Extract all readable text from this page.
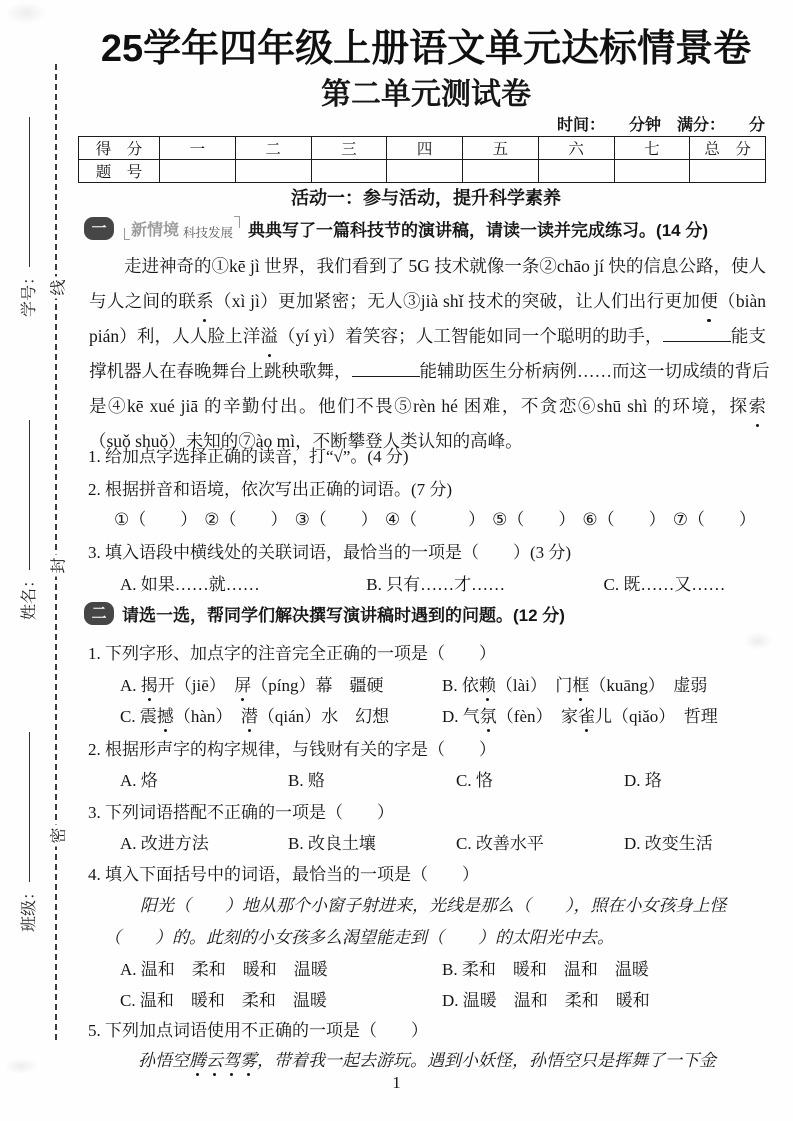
线
封
密
学号：
姓名：
班级：
25学年四年级上册语文单元达标情景卷
第二单元测试卷
时间：　　分钟　满分：　　分
得　分	一	二	三	四	五	六	七	总　分
题　号								
活动一：参与活动，提升科学素养
一	新情境 科技发展 典典写了一篇科技节的演讲稿，请读一读并完成练习。(14 分)
走进神奇的①kē jì 世界，我们看到了 5G 技术就像一条②chāo jí 快的信息公路，使人
与人之间的联系（xì jì）更加紧密；无人③jià shǐ 技术的突破，让人们出行更加便（biàn
pián）利，人人脸上洋溢（yí yì）着笑容；人工智能如同一个聪明的助手，	能支
撑机器人在春晚舞台上跳秧歌舞，	能辅助医生分析病例……而这一切成绩的背后
是④kē xué jiā 的辛勤付出。他们不畏⑤rèn hé 困难，不贪恋⑥shū shì 的环境，探索
（suǒ shuǒ）未知的⑦ào mì，不断攀登人类认知的高峰。
1. 给加点字选择正确的读音，打“√”。(4 分)
2. 根据拼音和语境，依次写出正确的词语。(7 分)
①（　　） ②（　　） ③（　　） ④（　　　） ⑤（　　） ⑥（　　） ⑦（　　）
3. 填入语段中横线处的关联词语，最恰当的一项是（　　）(3 分)
A. 如果……就……	B. 只有……才……	C. 既……又……
二 请选一选，帮同学们解决撰写演讲稿时遇到的问题。(12 分)
1. 下列字形、加点字的注音完全正确的一项是（　　）
A. 揭开（jiē）　屏（píng）幕　疆硬	B. 依赖（lài）　门框（kuāng）　虚弱
C. 震撼（hàn）　潜（qián）水　幻想	D. 气氛（fèn）　家雀儿（qiǎo）　哲理
2. 根据形声字的构字规律，与钱财有关的字是（　　）
A. 烙	B. 赂	C. 恪	D. 珞
3. 下列词语搭配不正确的一项是（　　）
A. 改进方法	B. 改良土壤	C. 改善水平	D. 改变生活
4. 填入下面括号中的词语，最恰当的一项是（　　）
阳光（　　）地从那个小窗子射进来，光线是那么（　　），照在小女孩身上怪
（　　）的。此刻的小女孩多么渴望能走到（　　）的太阳光中去。
A. 温和　柔和　暖和　温暖	B. 柔和　暖和　温和　温暖
C. 温和　暖和　柔和　温暖	D. 温暖　温和　柔和　暖和
5. 下列加点词语使用不正确的一项是（　　）
孙悟空腾云驾雾，带着我一起去游玩。遇到小妖怪，孙悟空只是挥舞了一下金
1
